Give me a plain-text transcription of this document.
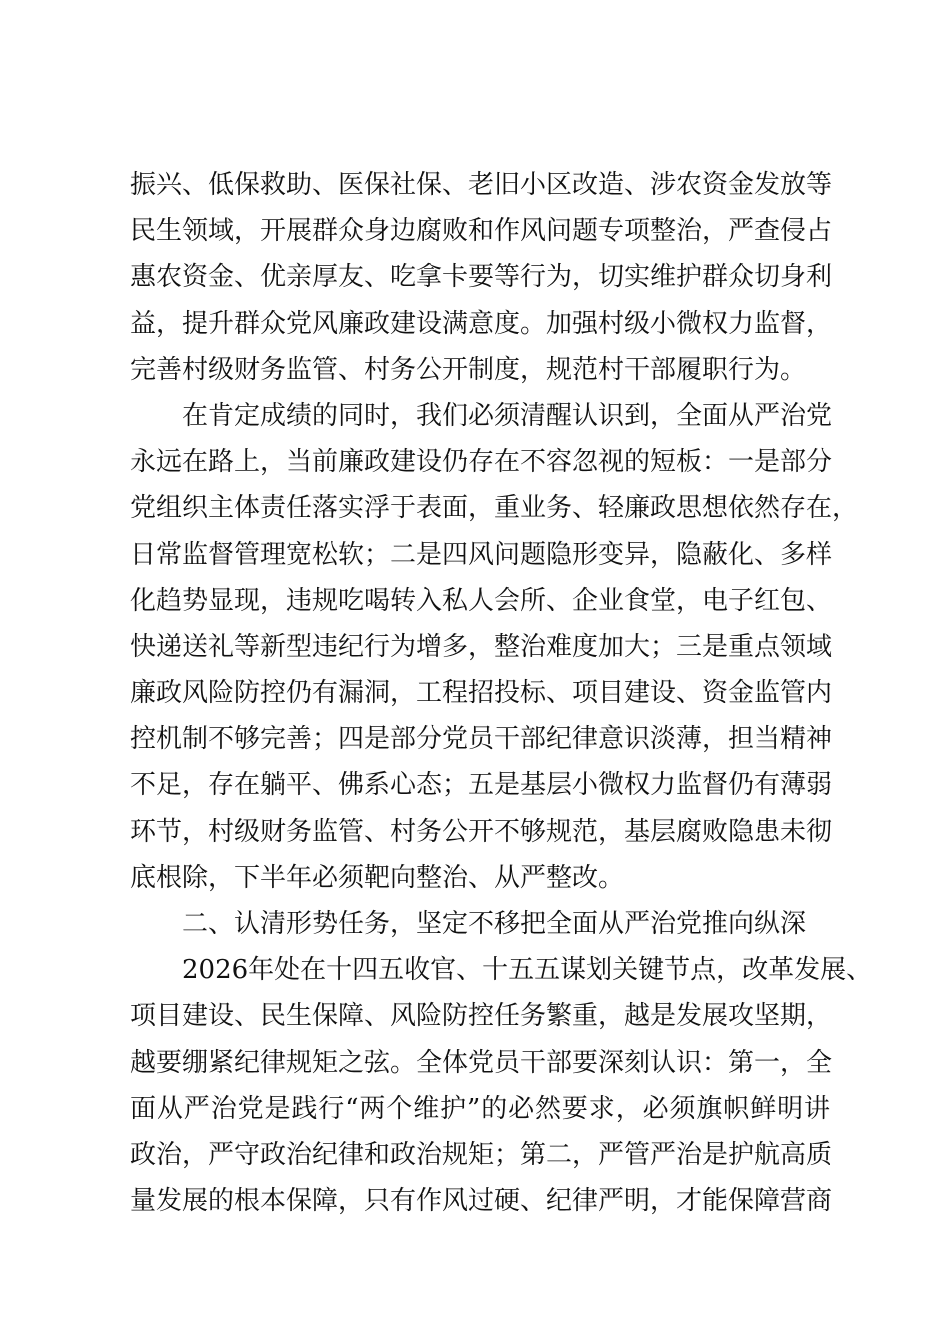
振兴、低保救助、医保社保、老旧小区改造、涉农资金发放等
民生领域，开展群众身边腐败和作风问题专项整治，严查侵占
惠农资金、优亲厚友、吃拿卡要等行为，切实维护群众切身利
益，提升群众党风廉政建设满意度。加强村级小微权力监督，
完善村级财务监管、村务公开制度，规范村干部履职行为。
在肯定成绩的同时，我们必须清醒认识到，全面从严治党
永远在路上，当前廉政建设仍存在不容忽视的短板：一是部分
党组织主体责任落实浮于表面，重业务、轻廉政思想依然存在，
日常监督管理宽松软；二是四风问题隐形变异，隐蔽化、多样
化趋势显现，违规吃喝转入私人会所、企业食堂，电子红包、
快递送礼等新型违纪行为增多，整治难度加大；三是重点领域
廉政风险防控仍有漏洞，工程招投标、项目建设、资金监管内
控机制不够完善；四是部分党员干部纪律意识淡薄，担当精神
不足，存在躺平、佛系心态；五是基层小微权力监督仍有薄弱
环节，村级财务监管、村务公开不够规范，基层腐败隐患未彻
底根除，下半年必须靶向整治、从严整改。
二、认清形势任务，坚定不移把全面从严治党推向纵深
2026年处在十四五收官、十五五谋划关键节点，改革发展、
项目建设、民生保障、风险防控任务繁重，越是发展攻坚期，
越要绷紧纪律规矩之弦。全体党员干部要深刻认识：第一，全
面从严治党是践行“两个维护”的必然要求，必须旗帜鲜明讲
政治，严守政治纪律和政治规矩；第二，严管严治是护航高质
量发展的根本保障，只有作风过硬、纪律严明，才能保障营商
